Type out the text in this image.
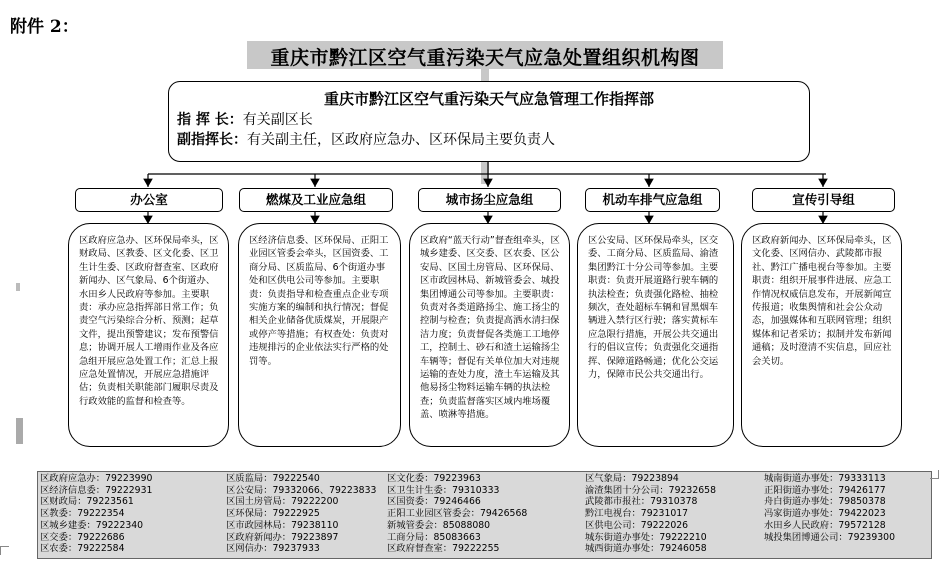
附件 2：
重庆市黔江区空气重污染天气应急处置组织机构图
重庆市黔江区空气重污染天气应急管理工作指挥部
指 挥 长：有关副区长
副指挥长：有关副主任，区政府应急办、区环保局主要负责人
办公室	燃煤及工业应急组	城市扬尘应急组	机动车排气应急组	宣传引导组
区政府应急办、区环保局牵头，区财政局、区教委、区文化委、区卫生计生委、区政府督查室、区政府新闻办、区气象局、6个街道办、水田乡人民政府等参加。主要职责：承办应急指挥部日常工作；负责空气污染综合分析、预测；起草文件，提出预警建议；发布预警信息；协调开展人工增雨作业及各应急组开展应急处置工作；汇总上报应急处置情况，开展应急措施评估；负责相关职能部门履职尽责及行政效能的监督和检查等。
区经济信息委、区环保局、正阳工业园区管委会牵头，区国资委、工商分局、区质监局、6个街道办事处和区供电公司等参加。主要职责：负责指导和检查重点企业专项实施方案的编制和执行情况；督促相关企业储备优质煤炭，开展限产或停产等措施；有权查处：负责对违规排污的企业依法实行严格的处罚等。
区政府“蓝天行动”督查组牵头，区城乡建委、区交委、区农委、区公安局、区国土房管局、区环保局、区市政园林局、新城管委会、城投集团博通公司等参加。主要职责：负责对各类道路扬尘、施工扬尘的控制与检查；负责提高洒水清扫保洁力度；负责督促各类施工工地停工，控制土、砂石和渣土运输扬尘车辆等；督促有关单位加大对违规运输的查处力度，渣土车运输及其他易扬尘物料运输车辆的执法检查；负责监督落实区域内堆场覆盖、喷淋等措施。
区公安局、区环保局牵头，区交委、工商分局、区质监局、渝渣集团黔江十分公司等参加。主要职责：负责开展道路行驶车辆的执法检查；负责强化路检、抽检频次，查处超标车辆和冒黑烟车辆进入禁行区行驶；落实黄标车应急限行措施，开展公共交通出行的倡议宣传；负责强化交通指挥、保障道路畅通；优化公交运力，保障市民公共交通出行。
区政府新闻办、区环保局牵头，区文化委、区网信办、武陵都市报社、黔江广播电视台等参加。主要职责：组织开展事件进展、应急工作情况权威信息发布，开展新闻宣传报道；收集舆情和社会公众动态，加强媒体和互联网管理；组织媒体和记者采访；拟制并发布新闻通稿；及时澄清不实信息，回应社会关切。
区政府应急办：79223990
区经济信息委：79222931
区财政局：79223561
区教委：79222354
区城乡建委：79222340
区交委：79222686
区农委：79222584
区质监局：79222540
区公安局：79332066、79223833
区国土房管局：79222200
区环保局：79222925
区市政园林局：79238110
区政府新闻办：79223897
区网信办：79237933
区文化委：79223963
区卫生计生委：79310333
区国资委：79246466
正阳工业园区管委会：79426568
新城管委会：85088080
工商分局：85083663
区政府督查室：79222255
区气象局：79223894
渝渣集团十分公司：79232658
武陵都市报社：79310378
黔江电视台：79231017
区供电公司：79222026
城东街道办事处：79222210
城西街道办事处：79246058
城南街道办事处：79333113
正阳街道办事处：79426177
舟白街道办事处：79850378
冯家街道办事处：79422023
水田乡人民政府：79572128
城投集团博通公司：79239300
